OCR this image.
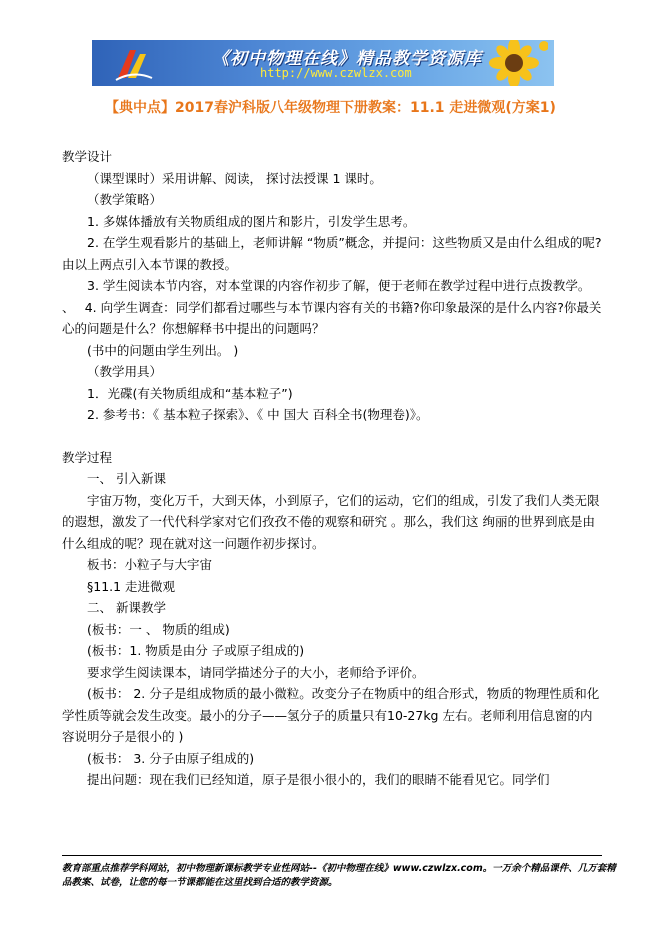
《初中物理在线》精品教学资源库
http://www.czwlzx.com
【典中点】2017春沪科版八年级物理下册教案：11.1 走进微观(方案1)

教学设计

（课型课时）采用讲解、阅读， 探讨法授课 1 课时。

（教学策略）

1. 多媒体播放有关物质组成的图片和影片，引发学生思考。

2. 在学生观看影片的基础上，老师讲解 “物质”概念，并提问：这些物质又是由什么组成的呢?由以上两点引入本节课的教授。

3. 学生阅读本节内容，对本堂课的内容作初步了解，便于老师在教学过程中进行点拨教学。

、　 4. 向学生调查：同学们都看过哪些与本节课内容有关的书籍?你印象最深的是什么内容?你最关心的问题是什么？你想解释书中提出的问题吗？

(书中的问题由学生列出。 )

（教学用具）

1．光碟(有关物质组成和“基本粒子”)

2. 参考书：《 基本粒子探索》、《 中 国大 百科全书(物理卷)》。

教学过程

一、 引入新课

宇宙万物，变化万千，大到天体，小到原子，它们的运动，它们的组成，引发了我们人类无限的遐想，激发了一代代科学家对它们孜孜不倦的观察和研究 。那么，我们这 绚丽的世界到底是由什么组成的呢？现在就对这一问题作初步探讨。

板书：小粒子与大宇宙

§11.1 走进微观

二、 新课教学

(板书：一 、 物质的组成)

(板书：1. 物质是由分 子或原子组成的)

要求学生阅读课本，请同学描述分子的大小，老师给予评价。

(板书： 2. 分子是组成物质的最小微粒。改变分子在物质中的组合形式，物质的物理性质和化学性质等就会发生改变。最小的分子——氢分子的质量只有10-27kg 左右。老师利用信息窗的内容说明分子是很小的 )

(板书： 3. 分子由原子组成的)

提出问题：现在我们已经知道，原子是很小很小的，我们的眼睛不能看见它。同学们

教育部重点推荐学科网站，初中物理新课标教学专业性网站--《初中物理在线》www.czwlzx.com。一万余个精品课件、几万套精品教案、试卷，让您的每一节课都能在这里找到合适的教学资源。
